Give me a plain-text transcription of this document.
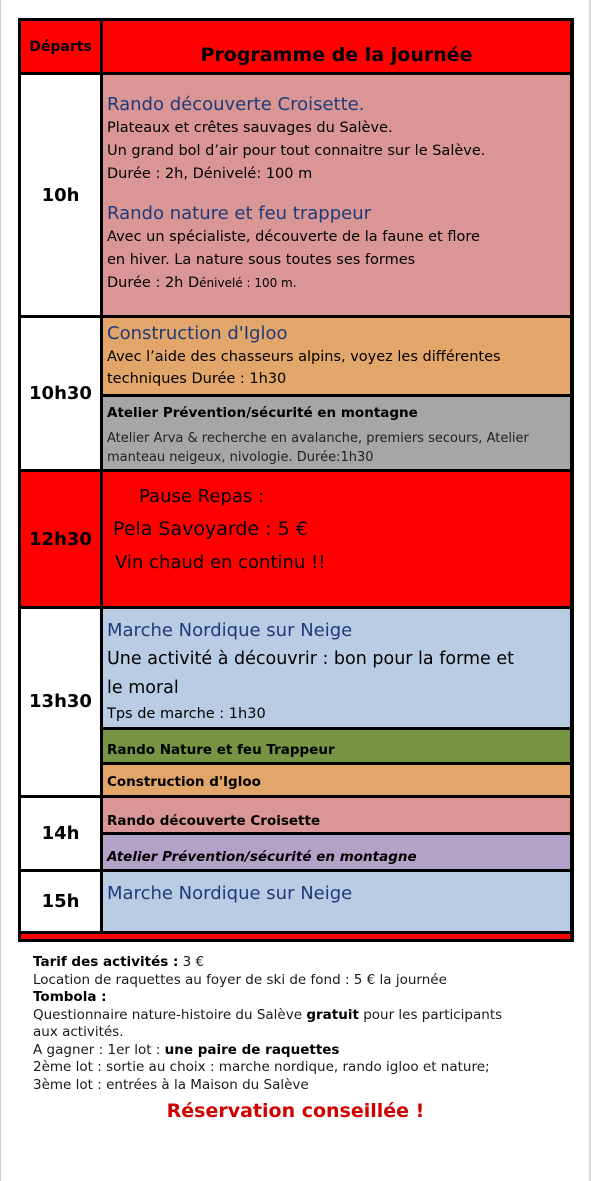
Départs	Programme de la journée
10h

Rando découverte Croisette.

Plateaux et crêtes sauvages du Salève.

Un grand bol d’air pour tout connaitre sur le Salève.

Durée : 2h, Dénivelé: 100 m

Rando nature et feu trappeur

Avec un spécialiste, découverte de la faune et flore

en hiver. La nature sous toutes ses formes

Durée : 2h Dénivelé : 100 m.

10h30

Construction d'Igloo

Avec l’aide des chasseurs alpins, voyez les différentes

techniques Durée : 1h30

Atelier Prévention/sécurité en montagne

Atelier Arva & recherche en avalanche, premiers secours, Atelier

manteau neigeux, nivologie. Durée:1h30

12h30

Pause Repas :

Pela Savoyarde : 5 €

Vin chaud en continu !!

13h30

Marche Nordique sur Neige

Une activité à découvrir : bon pour la forme et

le moral

Tps de marche : 1h30

Rando Nature et feu Trappeur

Construction d'Igloo

14h

Rando découverte Croisette

Atelier Prévention/sécurité en montagne

15h Marche Nordique sur Neige

Tarif des activités : 3 €

Location de raquettes au foyer de ski de fond : 5 € la journée

Tombola :

Questionnaire nature-histoire du Salève gratuit pour les participants

aux activités.

A gagner : 1er lot : une paire de raquettes

2ème lot : sortie au choix : marche nordique, rando igloo et nature;

3ème lot : entrées à la Maison du Salève

Réservation conseillée !
